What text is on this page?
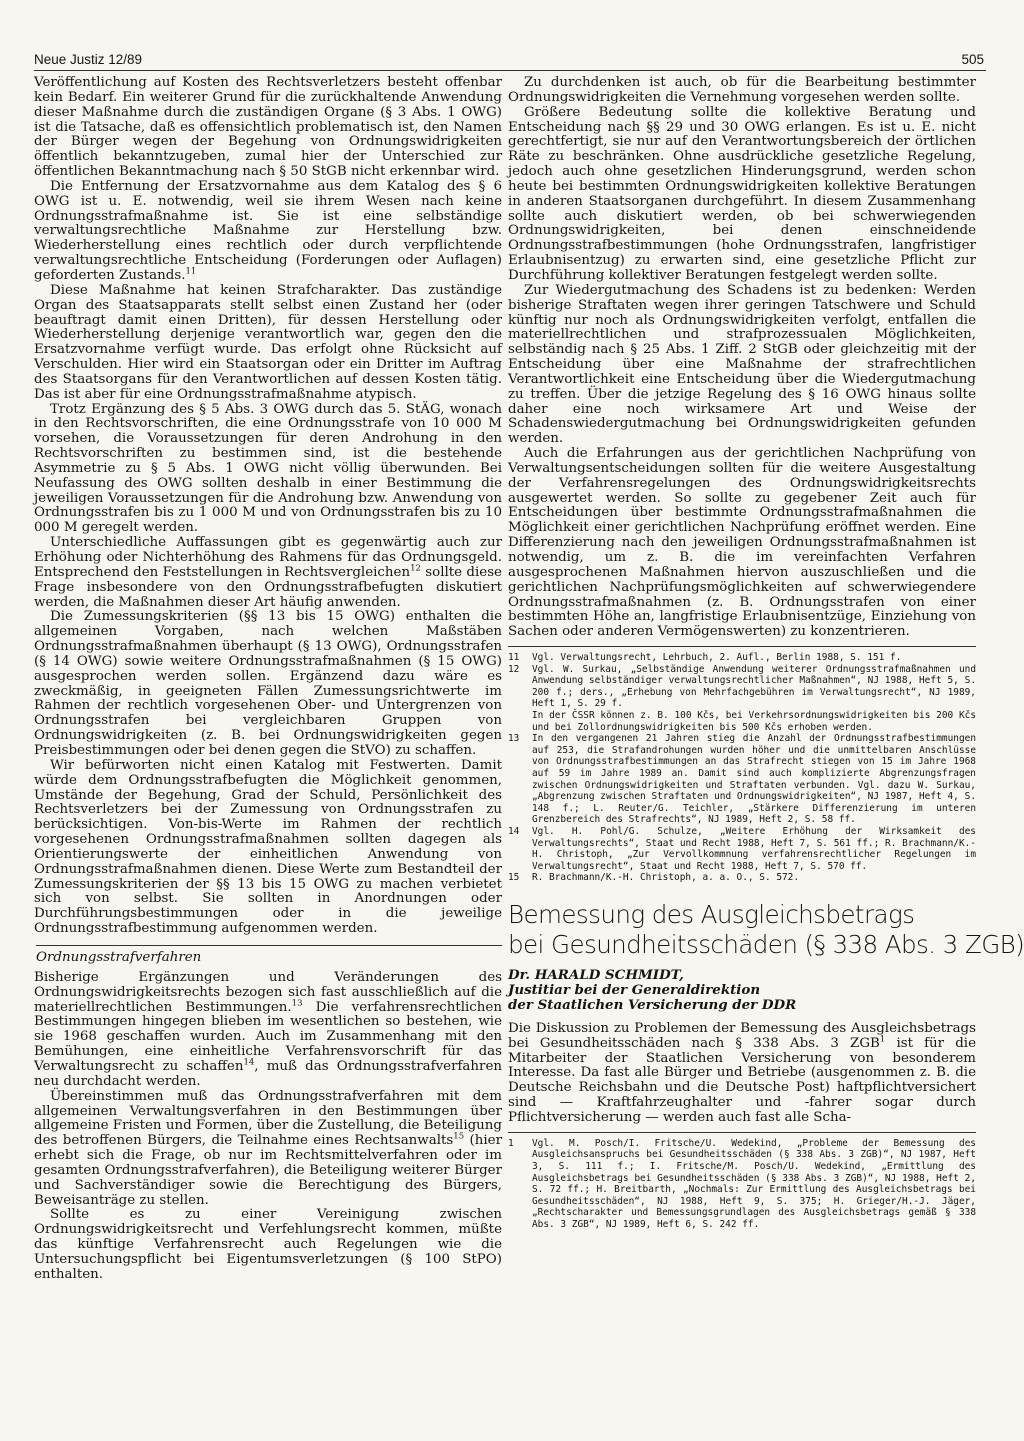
Neue Justiz 12/89	505

Veröffentlichung auf Kosten des Rechtsverletzers besteht offenbar kein Bedarf. Ein weiterer Grund für die zurückhaltende Anwendung dieser Maßnahme durch die zuständigen Organe (§ 3 Abs. 1 OWG) ist die Tatsache, daß es offensichtlich problematisch ist, den Namen der Bürger wegen der Begehung von Ordnungswidrigkeiten öffentlich bekanntzugeben, zumal hier der Unterschied zur öffentlichen Bekanntmachung nach § 50 StGB nicht erkennbar wird.

Die Entfernung der Ersatzvornahme aus dem Katalog des § 6 OWG ist u. E. notwendig, weil sie ihrem Wesen nach keine Ordnungsstrafmaßnahme ist. Sie ist eine selbständige verwaltungsrechtliche Maßnahme zur Herstellung bzw. Wiederherstellung eines rechtlich oder durch verpflichtende verwaltungsrechtliche Entscheidung (Forderungen oder Auflagen) geforderten Zustands.$^{11}$

Diese Maßnahme hat keinen Strafcharakter. Das zuständige Organ des Staatsapparats stellt selbst einen Zustand her (oder beauftragt damit einen Dritten), für dessen Herstellung oder Wiederherstellung derjenige verantwortlich war, gegen den die Ersatzvornahme verfügt wurde. Das erfolgt ohne Rücksicht auf Verschulden. Hier wird ein Staatsorgan oder ein Dritter im Auftrag des Staatsorgans für den Verantwortlichen auf dessen Kosten tätig. Das ist aber für eine Ordnungsstrafmaßnahme atypisch.

Trotz Ergänzung des § 5 Abs. 3 OWG durch das 5. StÄG, wonach in den Rechtsvorschriften, die eine Ordnungsstrafe von 10 000 M vorsehen, die Voraussetzungen für deren Androhung in den Rechtsvorschriften zu bestimmen sind, ist die bestehende Asymmetrie zu § 5 Abs. 1 OWG nicht völlig überwunden. Bei Neufassung des OWG sollten deshalb in einer Bestimmung die jeweiligen Voraussetzungen für die Androhung bzw. Anwendung von Ordnungsstrafen bis zu 1 000 M und von Ordnungsstrafen bis zu 10 000 M geregelt werden.

Unterschiedliche Auffassungen gibt es gegenwärtig auch zur Erhöhung oder Nichterhöhung des Rahmens für das Ordnungsgeld. Entsprechend den Feststellungen in Rechtsvergleichen$^{12}$ sollte diese Frage insbesondere von den Ordnungsstrafbefugten diskutiert werden, die Maßnahmen dieser Art häufig anwenden.

Die Zumessungskriterien (§§ 13 bis 15 OWG) enthalten die allgemeinen Vorgaben, nach welchen Maßstäben Ordnungsstrafmaßnahmen überhaupt (§ 13 OWG), Ordnungsstrafen (§ 14 OWG) sowie weitere Ordnungsstrafmaßnahmen (§ 15 OWG) ausgesprochen werden sollen. Ergänzend dazu wäre es zweckmäßig, in geeigneten Fällen Zumessungsrichtwerte im Rahmen der rechtlich vorgesehenen Ober- und Untergrenzen von Ordnungsstrafen bei vergleichbaren Gruppen von Ordnungswidrigkeiten (z. B. bei Ordnungswidrigkeiten gegen Preisbestimmungen oder bei denen gegen die StVO) zu schaffen.

Wir befürworten nicht einen Katalog mit Festwerten. Damit würde dem Ordnungsstrafbefugten die Möglichkeit genommen, Umstände der Begehung, Grad der Schuld, Persönlichkeit des Rechtsverletzers bei der Zumessung von Ordnungsstrafen zu berücksichtigen. Von-bis-Werte im Rahmen der rechtlich vorgesehenen Ordnungsstrafmaßnahmen sollten dagegen als Orientierungswerte der einheitlichen Anwendung von Ordnungsstrafmaßnahmen dienen. Diese Werte zum Bestandteil der Zumessungskriterien der §§ 13 bis 15 OWG zu machen verbietet sich von selbst. Sie sollten in Anordnungen oder Durchführungsbestimmungen oder in die jeweilige Ordnungsstrafbestimmung aufgenommen werden.

Ordnungsstrafverfahren

Bisherige Ergänzungen und Veränderungen des Ordnungswidrigkeitsrechts bezogen sich fast ausschließlich auf die materiellrechtlichen Bestimmungen.$^{13}$ Die verfahrensrechtlichen Bestimmungen hingegen blieben im wesentlichen so bestehen, wie sie 1968 geschaffen wurden. Auch im Zusammenhang mit den Bemühungen, eine einheitliche Verfahrensvorschrift für das Verwaltungsrecht zu schaffen$^{14}$, muß das Ordnungsstrafverfahren neu durchdacht werden.

Übereinstimmen muß das Ordnungsstrafverfahren mit dem allgemeinen Verwaltungsverfahren in den Bestimmungen über allgemeine Fristen und Formen, über die Zustellung, die Beteiligung des betroffenen Bürgers, die Teilnahme eines Rechtsanwalts$^{15}$ (hier erhebt sich die Frage, ob nur im Rechtsmittelverfahren oder im gesamten Ordnungsstrafverfahren), die Beteiligung weiterer Bürger und Sachverständiger sowie die Berechtigung des Bürgers, Beweisanträge zu stellen.

Sollte es zu einer Vereinigung zwischen Ordnungswidrigkeitsrecht und Verfehlungsrecht kommen, müßte das künftige Verfahrensrecht auch Regelungen wie die Untersuchungspflicht bei Eigentumsverletzungen (§ 100 StPO) enthalten.

Zu durchdenken ist auch, ob für die Bearbeitung bestimmter Ordnungswidrigkeiten die Vernehmung vorgesehen werden sollte.

Größere Bedeutung sollte die kollektive Beratung und Entscheidung nach §§ 29 und 30 OWG erlangen. Es ist u. E. nicht gerechtfertigt, sie nur auf den Verantwortungsbereich der örtlichen Räte zu beschränken. Ohne ausdrückliche gesetzliche Regelung, jedoch auch ohne gesetzlichen Hinderungsgrund, werden schon heute bei bestimmten Ordnungswidrigkeiten kollektive Beratungen in anderen Staatsorganen durchgeführt. In diesem Zusammenhang sollte auch diskutiert werden, ob bei schwerwiegenden Ordnungswidrigkeiten, bei denen einschneidende Ordnungsstrafbestimmungen (hohe Ordnungsstrafen, langfristiger Erlaubnisentzug) zu erwarten sind, eine gesetzliche Pflicht zur Durchführung kollektiver Beratungen festgelegt werden sollte.

Zur Wiedergutmachung des Schadens ist zu bedenken: Werden bisherige Straftaten wegen ihrer geringen Tatschwere und Schuld künftig nur noch als Ordnungswidrigkeiten verfolgt, entfallen die materiellrechtlichen und strafprozessualen Möglichkeiten, selbständig nach § 25 Abs. 1 Ziff. 2 StGB oder gleichzeitig mit der Entscheidung über eine Maßnahme der strafrechtlichen Verantwortlichkeit eine Entscheidung über die Wiedergutmachung zu treffen. Über die jetzige Regelung des § 16 OWG hinaus sollte daher eine noch wirksamere Art und Weise der Schadenswiedergutmachung bei Ordnungswidrigkeiten gefunden werden.

Auch die Erfahrungen aus der gerichtlichen Nachprüfung von Verwaltungsentscheidungen sollten für die weitere Ausgestaltung der Verfahrensregelungen des Ordnungswidrigkeitsrechts ausgewertet werden. So sollte zu gegebener Zeit auch für Entscheidungen über bestimmte Ordnungsstrafmaßnahmen die Möglichkeit einer gerichtlichen Nachprüfung eröffnet werden. Eine Differenzierung nach den jeweiligen Ordnungsstrafmaßnahmen ist notwendig, um z. B. die im vereinfachten Verfahren ausgesprochenen Maßnahmen hiervon auszuschließen und die gerichtlichen Nachprüfungsmöglichkeiten auf schwerwiegendere Ordnungsstrafmaßnahmen (z. B. Ordnungsstrafen von einer bestimmten Höhe an, langfristige Erlaubnisentzüge, Einziehung von Sachen oder anderen Vermögenswerten) zu konzentrieren.

11	Vgl. Verwaltungsrecht, Lehrbuch, 2. Aufl., Berlin 1988, S. 151 f.
12	Vgl. W. Surkau, „Selbständige Anwendung weiterer Ordnungsstrafmaßnahmen und Anwendung selbständiger verwaltungsrechtlicher Maßnahmen“, NJ 1988, Heft 5, S. 200 f.; ders., „Erhebung von Mehrfachgebühren im Verwaltungsrecht“, NJ 1989, Heft 1, S. 29 f.
In der ČSSR können z. B. 100 Kčs, bei Verkehrsordnungswidrigkeiten bis 200 Kčs und bei Zollordnungswidrigkeiten bis 500 Kčs erhoben werden.
13	In den vergangenen 21 Jahren stieg die Anzahl der Ordnungsstrafbestimmungen auf 253, die Strafandrohungen wurden höher und die unmittelbaren Anschlüsse von Ordnungsstrafbestimmungen an das Strafrecht stiegen von 15 im Jahre 1968 auf 59 im Jahre 1989 an. Damit sind auch komplizierte Abgrenzungsfragen zwischen Ordnungswidrigkeiten und Straftaten verbunden. Vgl. dazu W. Surkau, „Abgrenzung zwischen Straftaten und Ordnungswidrigkeiten“, NJ 1987, Heft 4, S. 148 f.; L. Reuter/G. Teichler, „Stärkere Differenzierung im unteren Grenzbereich des Strafrechts“, NJ 1989, Heft 2, S. 58 ff.
14	Vgl. H. Pohl/G. Schulze, „Weitere Erhöhung der Wirksamkeit des Verwaltungsrechts“, Staat und Recht 1988, Heft 7, S. 561 ff.; R. Brachmann/K.-H. Christoph, „Zur Vervollkommnung verfahrensrechtlicher Regelungen im Verwaltungsrecht“, Staat und Recht 1988, Heft 7, S. 570 ff.
15	R. Brachmann/K.-H. Christoph, a. a. O., S. 572.
Bemessung des Ausgleichsbetrags
bei Gesundheitsschäden (§ 338 Abs. 3 ZGB)
Dr. HARALD SCHMIDT,
Justitiar bei der Generaldirektion
der Staatlichen Versicherung der DDR

Die Diskussion zu Problemen der Bemessung des Ausgleichsbetrags bei Gesundheitsschäden nach § 338 Abs. 3 ZGB$^1$ ist für die Mitarbeiter der Staatlichen Versicherung von besonderem Interesse. Da fast alle Bürger und Betriebe (ausgenommen z. B. die Deutsche Reichsbahn und die Deutsche Post) haftpflichtversichert sind — Kraftfahrzeughalter und -fahrer sogar durch Pflichtversicherung — werden auch fast alle Scha-

1	Vgl. M. Posch/I. Fritsche/U. Wedekind, „Probleme der Bemessung des Ausgleichsanspruchs bei Gesundheitsschäden (§ 338 Abs. 3 ZGB)“, NJ 1987, Heft 3, S. 111 f.; I. Fritsche/M. Posch/U. Wedekind, „Ermittlung des Ausgleichsbetrags bei Gesundheitsschäden (§ 338 Abs. 3 ZGB)“, NJ 1988, Heft 2, S. 72 ff.; H. Breitbarth, „Nochmals: Zur Ermittlung des Ausgleichsbetrags bei Gesundheitsschäden“, NJ 1988, Heft 9, S. 375; H. Grieger/H.-J. Jäger, „Rechtscharakter und Bemessungsgrundlagen des Ausgleichsbetrags gemäß § 338 Abs. 3 ZGB“, NJ 1989, Heft 6, S. 242 ff.
